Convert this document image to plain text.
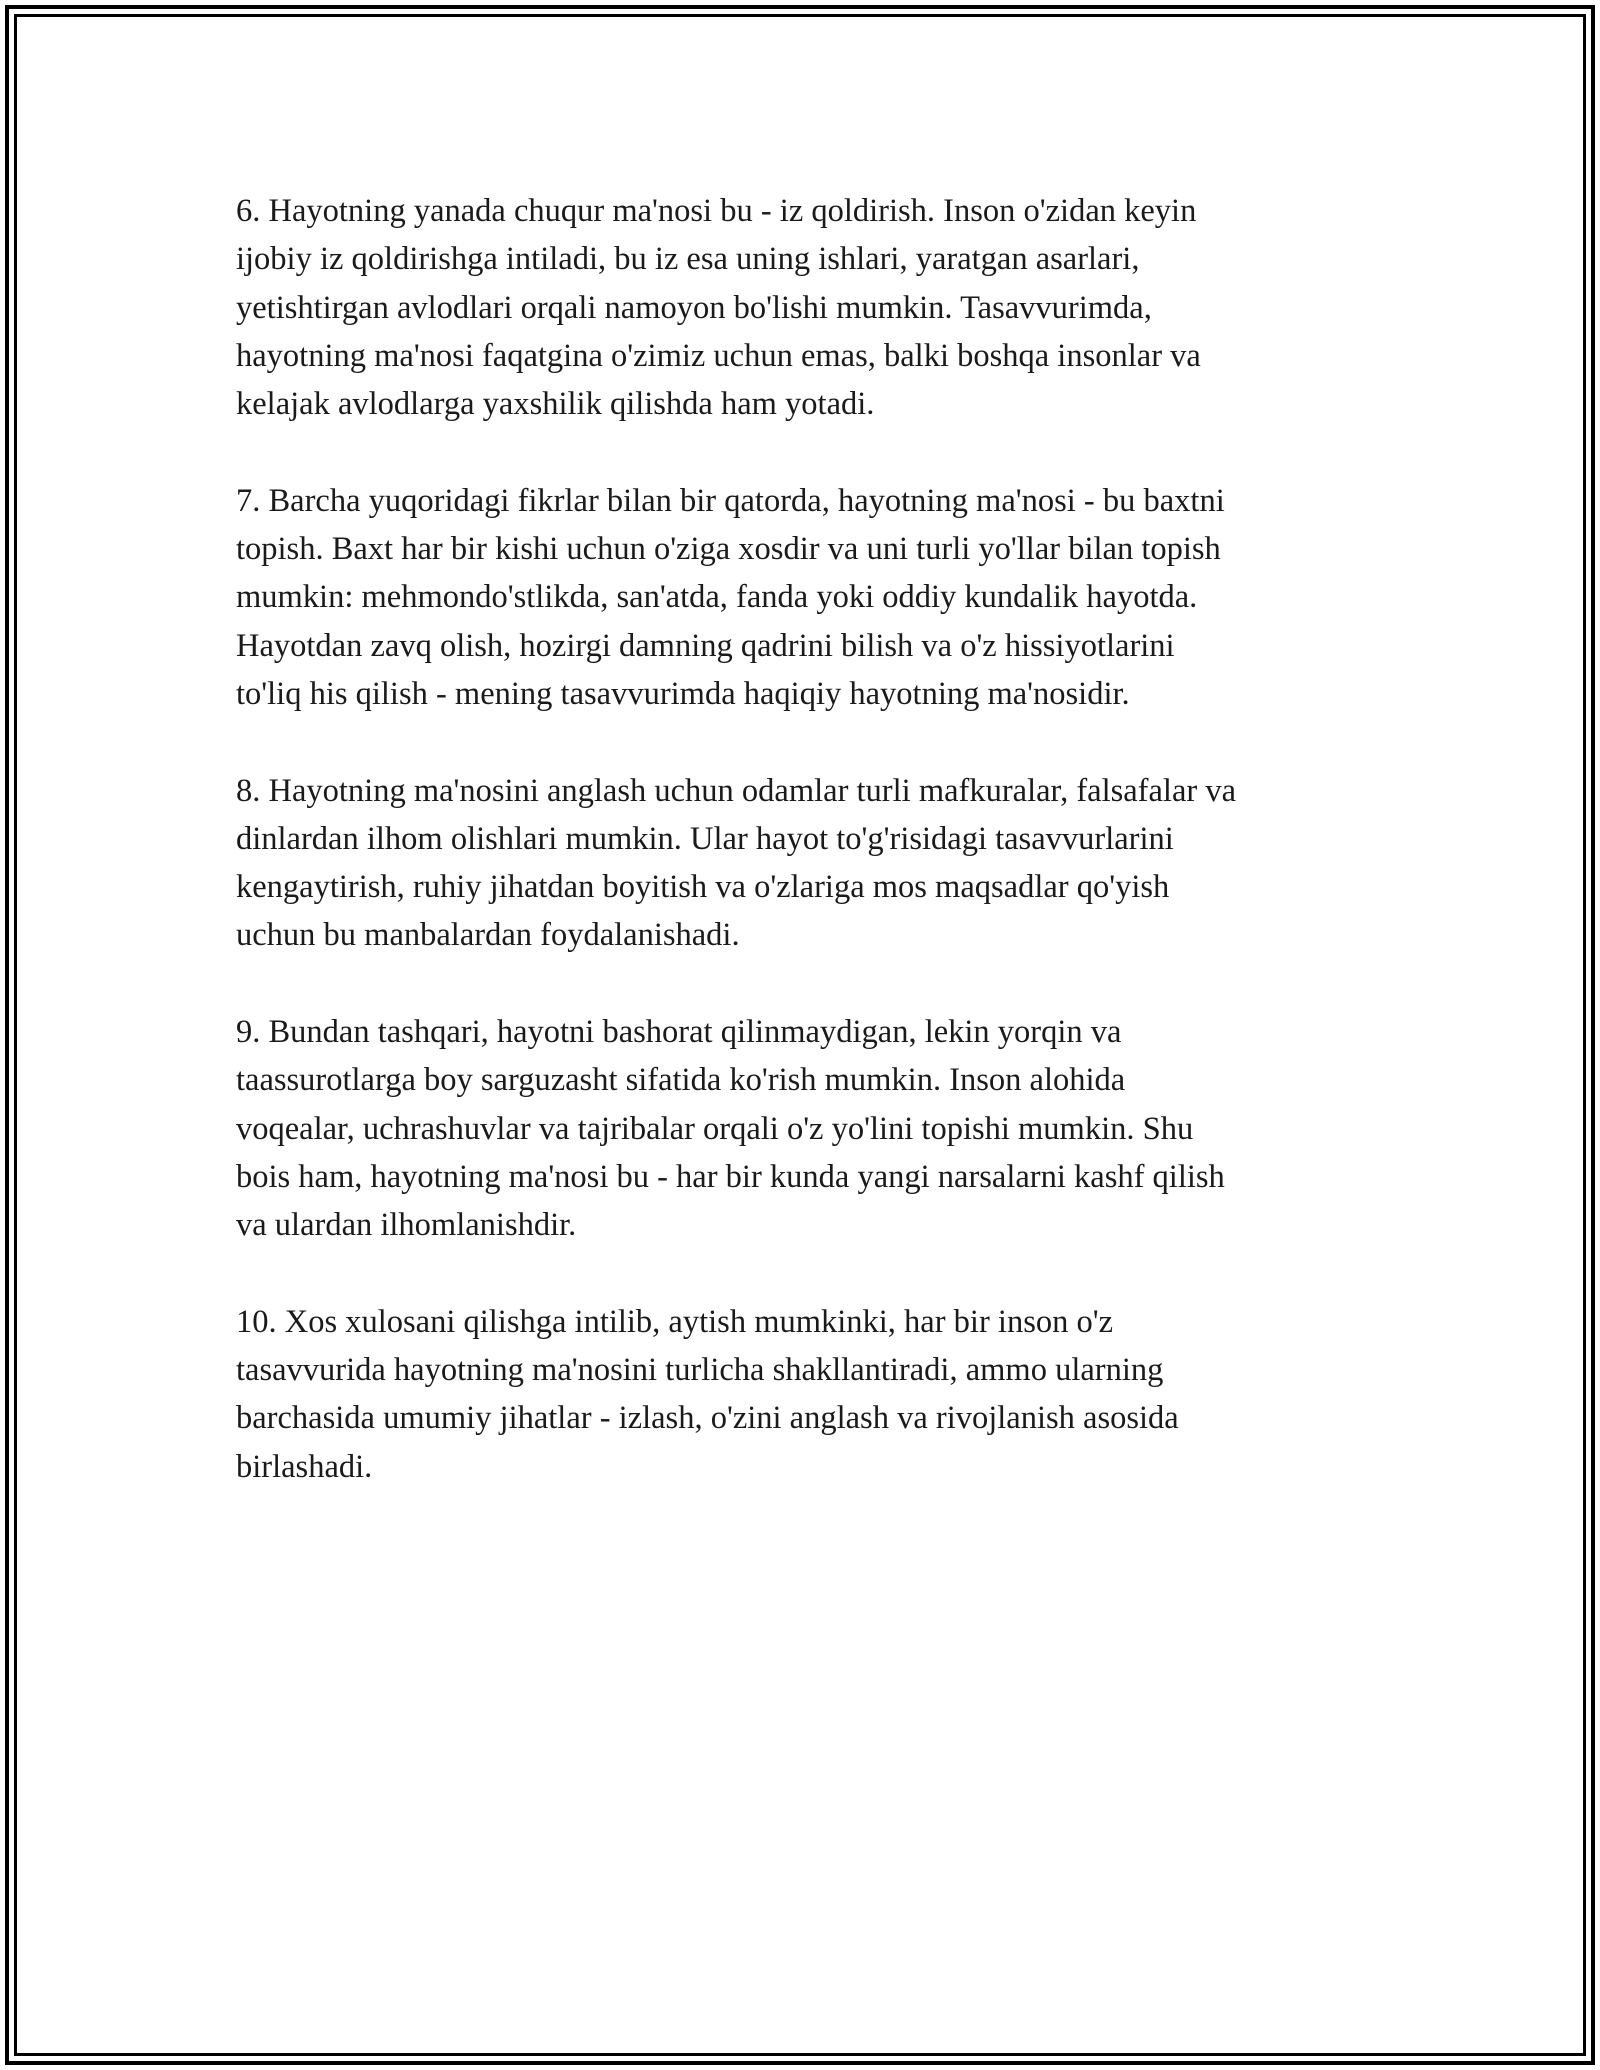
6. Hayotning yanada chuqur ma'nosi bu - iz qoldirish. Inson o'zidan keyin
ijobiy iz qoldirishga intiladi, bu iz esa uning ishlari, yaratgan asarlari,
yetishtirgan avlodlari orqali namoyon bo'lishi mumkin. Tasavvurimda,
hayotning ma'nosi faqatgina o'zimiz uchun emas, balki boshqa insonlar va
kelajak avlodlarga yaxshilik qilishda ham yotadi.

7. Barcha yuqoridagi fikrlar bilan bir qatorda, hayotning ma'nosi - bu baxtni
topish. Baxt har bir kishi uchun o'ziga xosdir va uni turli yo'llar bilan topish
mumkin: mehmondo'stlikda, san'atda, fanda yoki oddiy kundalik hayotda.
Hayotdan zavq olish, hozirgi damning qadrini bilish va o'z hissiyotlarini
to'liq his qilish - mening tasavvurimda haqiqiy hayotning ma'nosidir.

8. Hayotning ma'nosini anglash uchun odamlar turli mafkuralar, falsafalar va
dinlardan ilhom olishlari mumkin. Ular hayot to'g'risidagi tasavvurlarini
kengaytirish, ruhiy jihatdan boyitish va o'zlariga mos maqsadlar qo'yish
uchun bu manbalardan foydalanishadi.

9. Bundan tashqari, hayotni bashorat qilinmaydigan, lekin yorqin va
taassurotlarga boy sarguzasht sifatida ko'rish mumkin. Inson alohida
voqealar, uchrashuvlar va tajribalar orqali o'z yo'lini topishi mumkin. Shu
bois ham, hayotning ma'nosi bu - har bir kunda yangi narsalarni kashf qilish
va ulardan ilhomlanishdir.

10. Xos xulosani qilishga intilib, aytish mumkinki, har bir inson o'z
tasavvurida hayotning ma'nosini turlicha shakllantiradi, ammo ularning
barchasida umumiy jihatlar - izlash, o'zini anglash va rivojlanish asosida
birlashadi.
